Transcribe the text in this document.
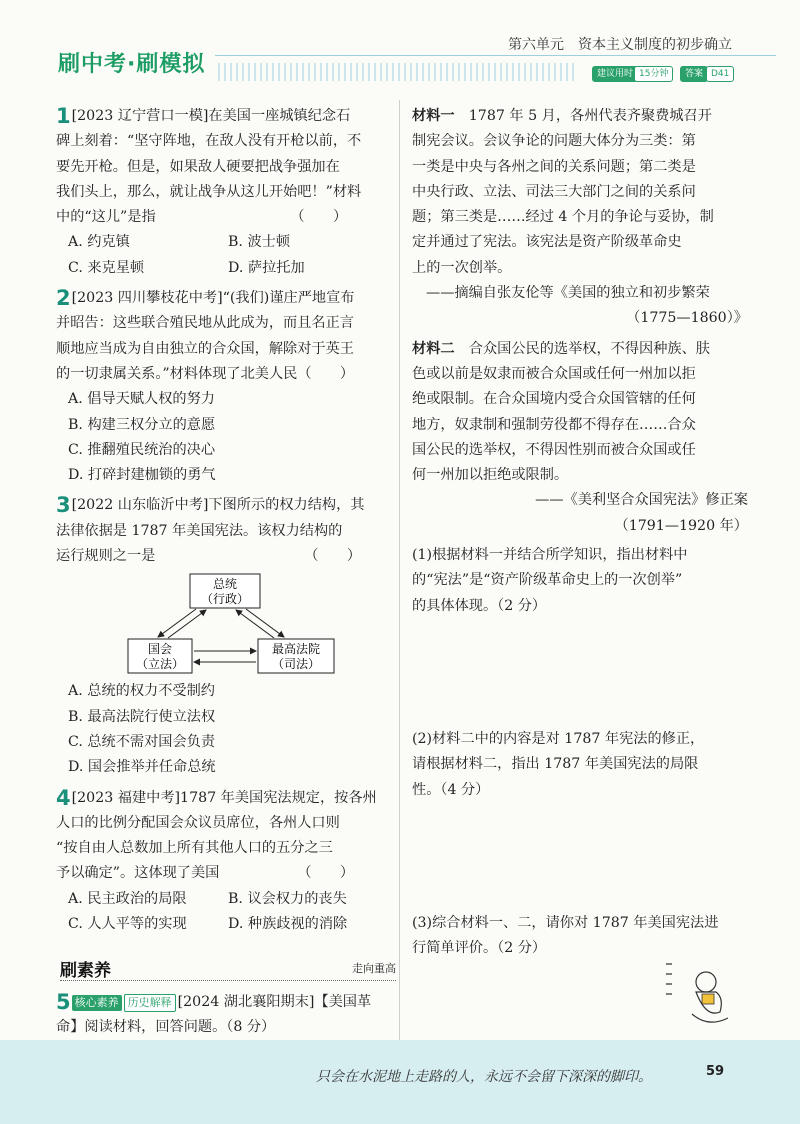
刷中考·刷模拟
第六单元　资本主义制度的初步确立
建议用时 15分钟	答案 D41
1 [2023 辽宁营口一模]在美国一座城镇纪念石
碑上刻着：“坚守阵地，在敌人没有开枪以前，不
要先开枪。但是，如果敌人硬要把战争强加在
我们头上，那么，就让战争从这儿开始吧！”材料
中的“这儿”是指　　　　　　　　　　（　　）
A. 约克镇	B. 波士顿
C. 来克星顿	D. 萨拉托加
2 [2023 四川攀枝花中考]“(我们)谨庄严地宣布
并昭告：这些联合殖民地从此成为，而且名正言
顺地应当成为自由独立的合众国，解除对于英王
的一切隶属关系。”材料体现了北美人民（　　）
A. 倡导天赋人权的努力
B. 构建三权分立的意愿
C. 推翻殖民统治的决心
D. 打碎封建枷锁的勇气
3 [2022 山东临沂中考]下图所示的权力结构，其
法律依据是 1787 年美国宪法。该权力结构的
运行规则之一是　　　　　　　　　　　（　　）
总统
（行政）
国会
（立法）
最高法院
（司法）
A. 总统的权力不受制约
B. 最高法院行使立法权
C. 总统不需对国会负责
D. 国会推举并任命总统
4 [2023 福建中考]1787 年美国宪法规定，按各州
人口的比例分配国会众议员席位，各州人口则
“按自由人总数加上所有其他人口的五分之三
予以确定”。这体现了美国　　　　　　（　　）
A. 民主政治的局限	B. 议会权力的丧失
C. 人人平等的实现	D. 种族歧视的消除
刷素养	走向重高
5 核心素养 历史解释 [2024 湖北襄阳期末]【美国革
命】阅读材料，回答问题。（8 分）
材料一　 1787 年 5 月，各州代表齐聚费城召开
制宪会议。会议争论的问题大体分为三类：第
一类是中央与各州之间的关系问题；第二类是
中央行政、立法、司法三大部门之间的关系问
题；第三类是……经过 4 个月的争论与妥协，制
定并通过了宪法。该宪法是资产阶级革命史
上的一次创举。
——摘编自张友伦等《美国的独立和初步繁荣
（1775—1860）》
材料二　 合众国公民的选举权，不得因种族、肤
色或以前是奴隶而被合众国或任何一州加以拒
绝或限制。在合众国境内受合众国管辖的任何
地方，奴隶制和强制劳役都不得存在……合众
国公民的选举权，不得因性别而被合众国或任
何一州加以拒绝或限制。
——《美利坚合众国宪法》修正案
（1791—1920 年）
(1)根据材料一并结合所学知识，指出材料中
的“宪法”是“资产阶级革命史上的一次创举”
的具体体现。（2 分）
(2)材料二中的内容是对 1787 年宪法的修正，
请根据材料二，指出 1787 年美国宪法的局限
性。（4 分）
(3)综合材料一、二，请你对 1787 年美国宪法进
行简单评价。（2 分）
只会在水泥地上走路的人，永远不会留下深深的脚印。	59
